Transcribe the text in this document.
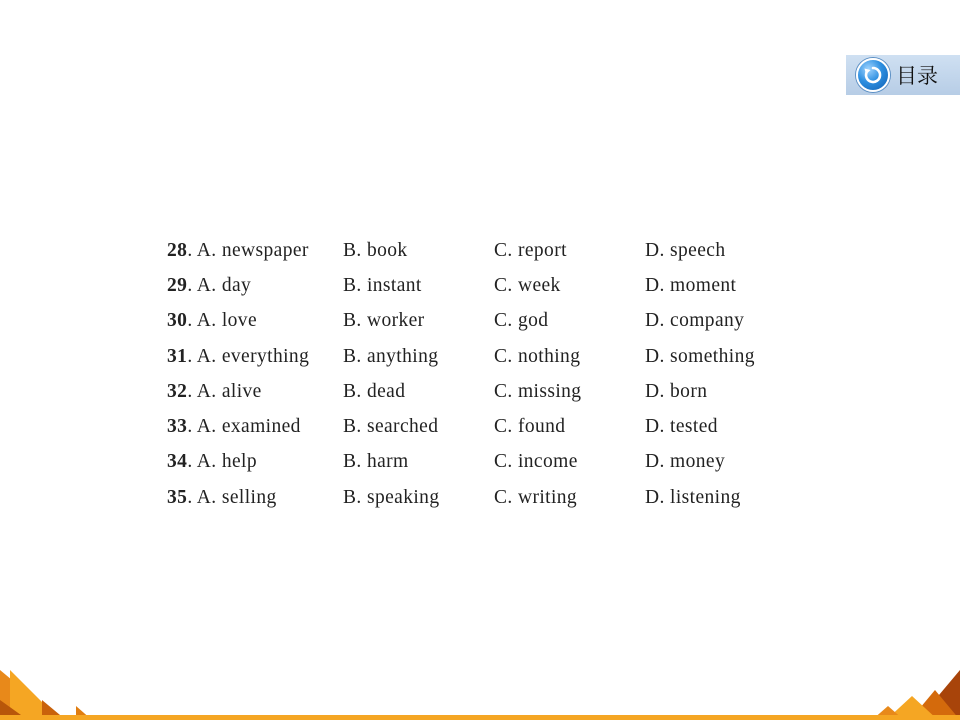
目录
28. A. newspaper	B. book	C. report	D. speech
29. A. day	B. instant	C. week	D. moment
30. A. love	B. worker	C. god	D. company
31. A. everything	B. anything	C. nothing	D. something
32. A. alive	B. dead	C. missing	D. born
33. A. examined	B. searched	C. found	D. tested
34. A. help	B. harm	C. income	D. money
35. A. selling	B. speaking	C. writing	D. listening
